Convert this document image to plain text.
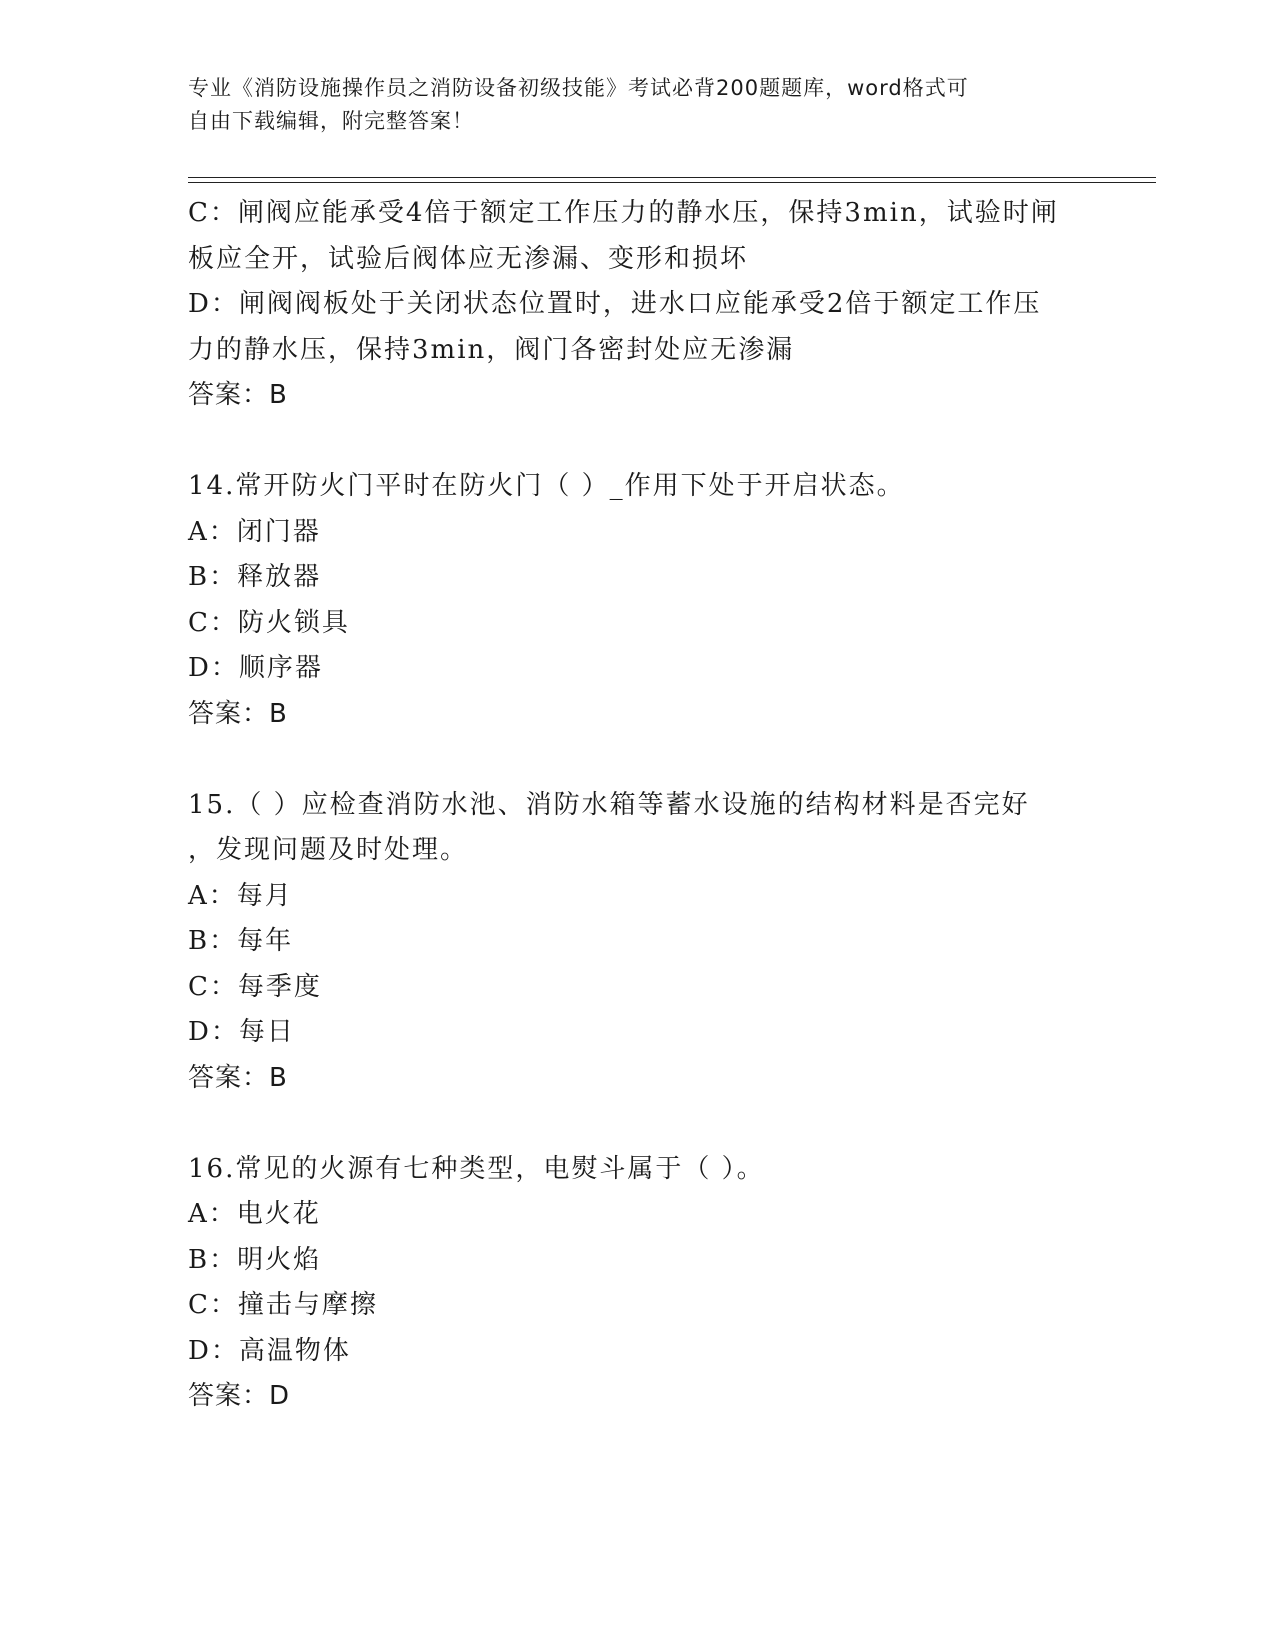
专业《消防设施操作员之消防设备初级技能》考试必背200题题库，word格式可
自由下载编辑，附完整答案！
C：闸阀应能承受4倍于额定工作压力的静水压，保持3min，试验时闸
板应全开，试验后阀体应无渗漏、变形和损坏
D：闸阀阀板处于关闭状态位置时，进水口应能承受2倍于额定工作压
力的静水压，保持3min，阀门各密封处应无渗漏
答案：B
14.常开防火门平时在防火门（ ）_作用下处于开启状态。
A：闭门器
B：释放器
C：防火锁具
D：顺序器
答案：B
15.（ ）应检查消防水池、消防水箱等蓄水设施的结构材料是否完好
，发现问题及时处理。
A：每月
B：每年
C：每季度
D：每日
答案：B
16.常见的火源有七种类型，电熨斗属于（ ）。
A：电火花
B：明火焰
C：撞击与摩擦
D：高温物体
答案：D
